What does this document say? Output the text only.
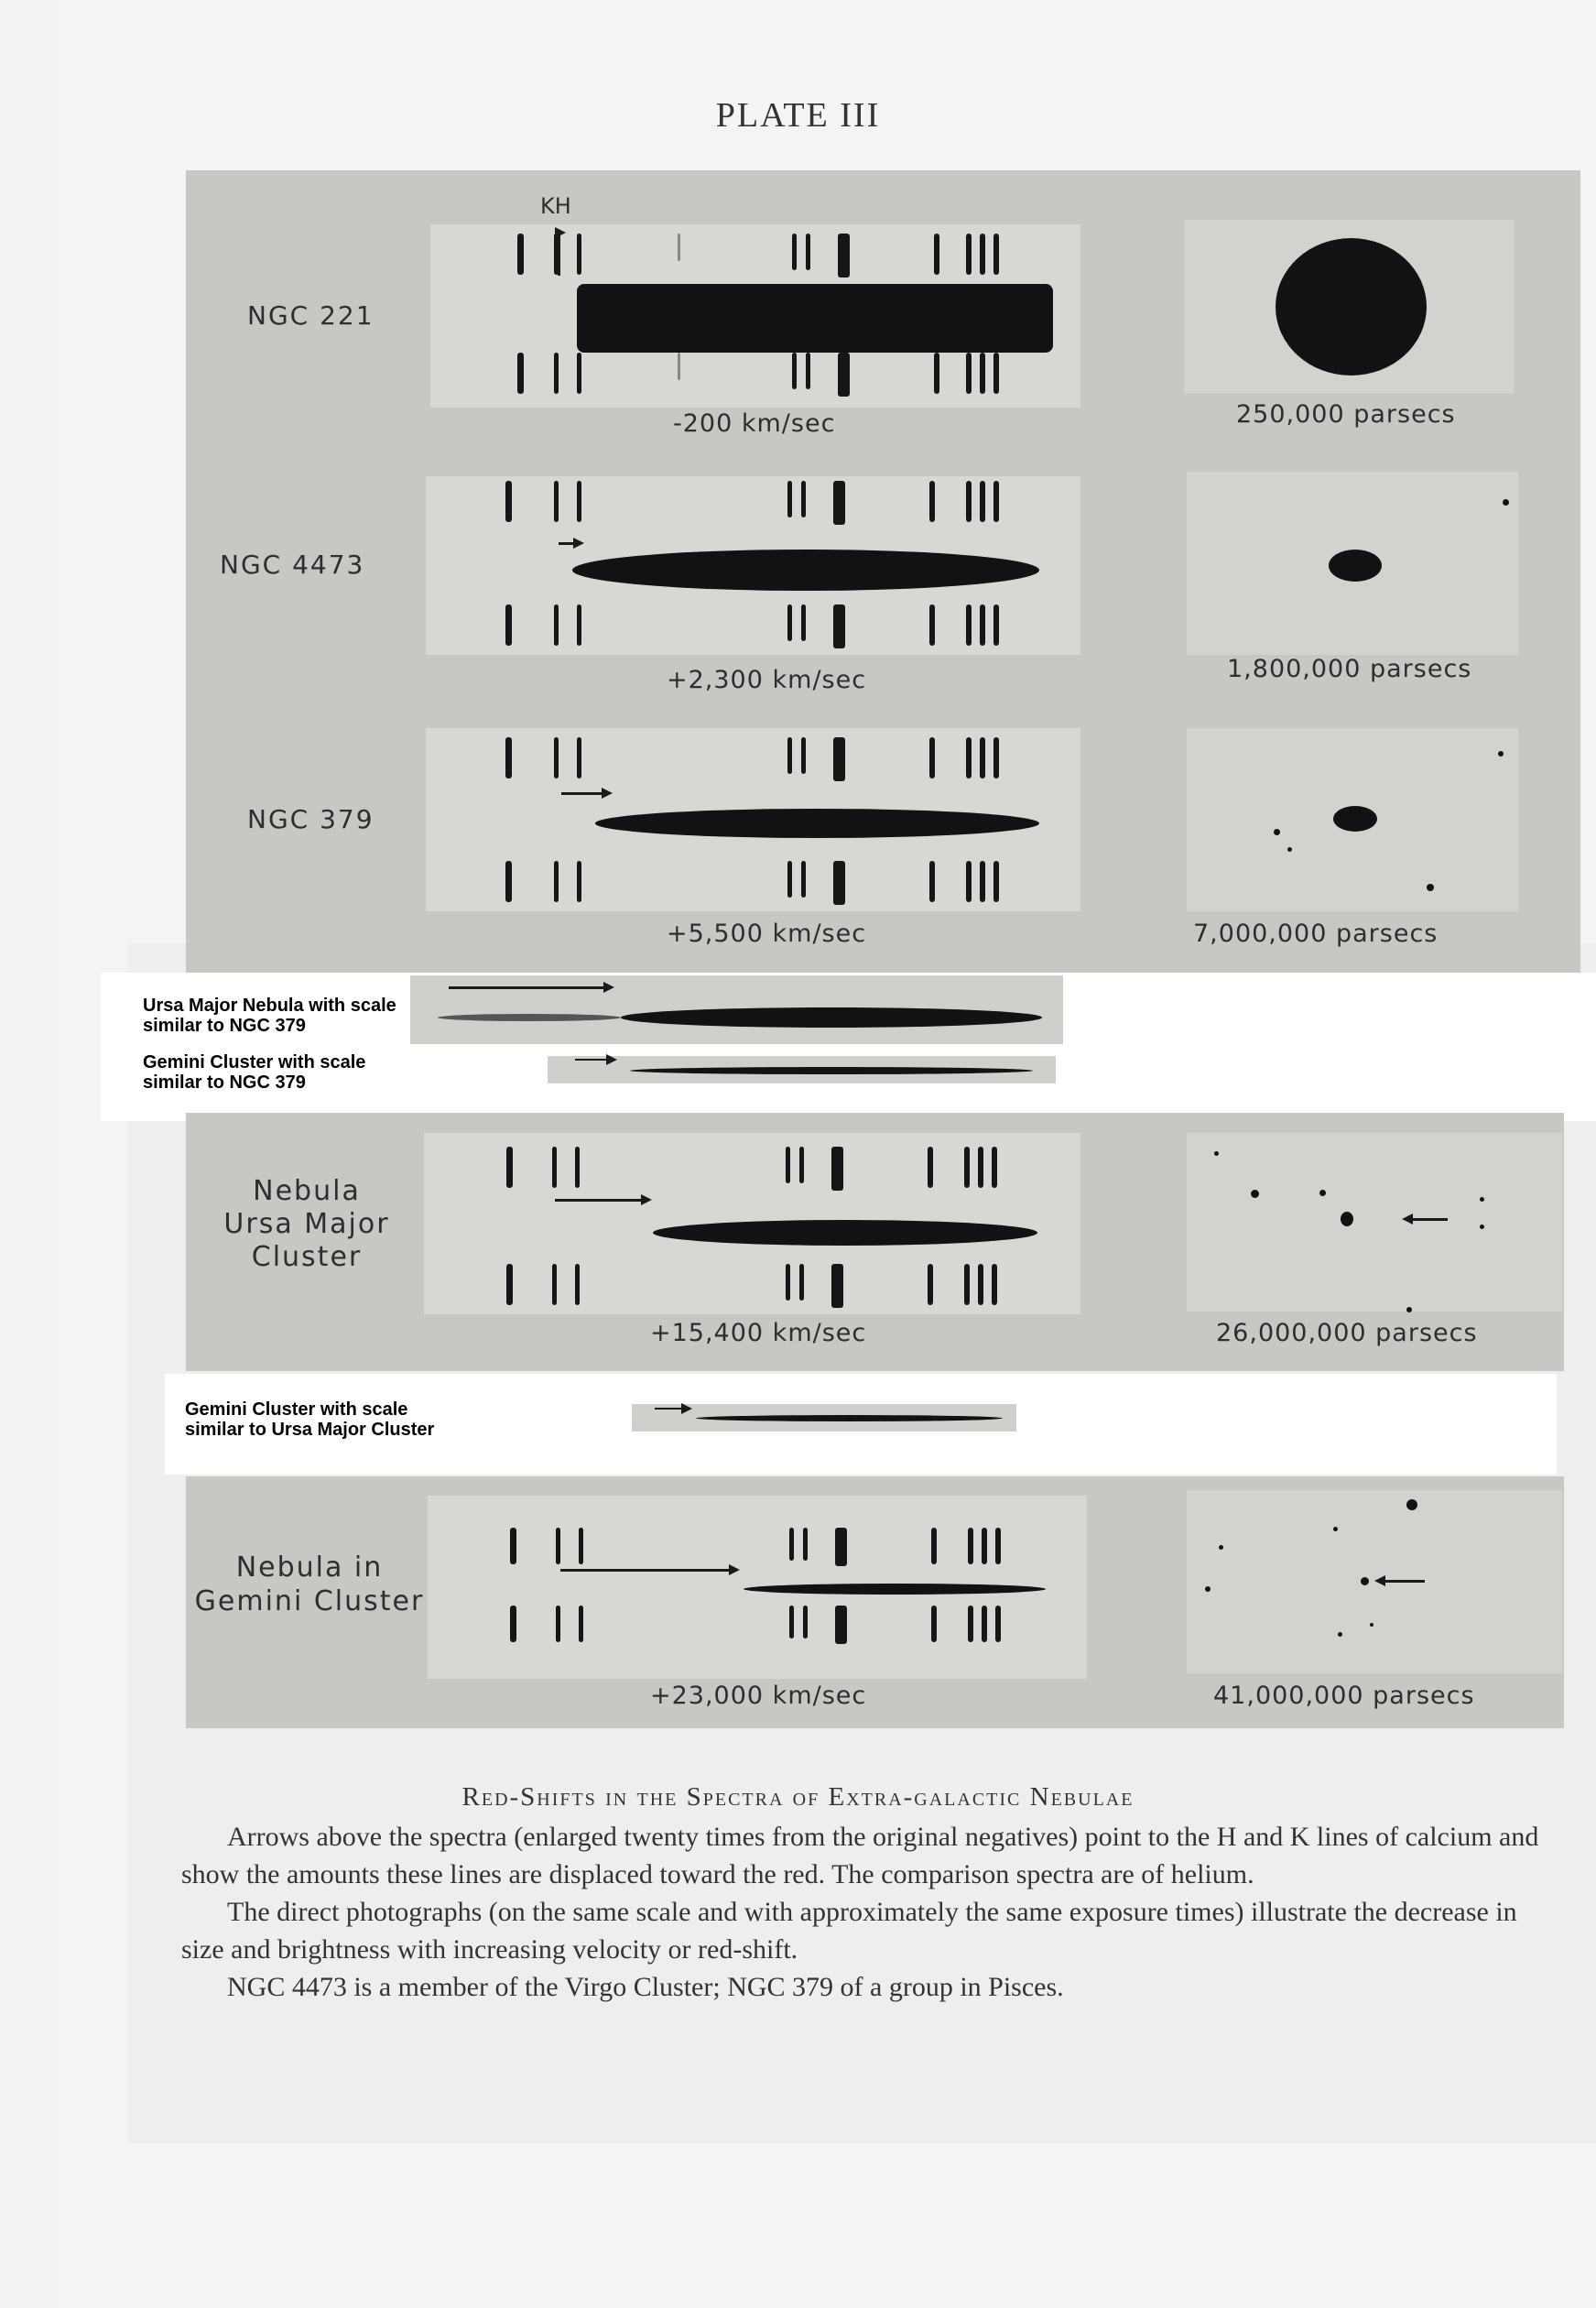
PLATE III
NGC 221
KH
-200 km/sec	250,000 parsecs
NGC 4473
+2,300 km/sec	1,800,000 parsecs
NGC 379
+5,500 km/sec	7,000,000 parsecs
Ursa Major Nebula with scale
similar to NGC 379
Gemini Cluster with scale
similar to NGC 379
Nebula
Ursa Major
Cluster
+15,400 km/sec	26,000,000 parsecs
Gemini Cluster with scale
similar to Ursa Major Cluster
Nebula in
Gemini Cluster
+23,000 km/sec	41,000,000 parsecs
Red-Shifts in the Spectra of Extra-galactic Nebulae

Arrows above the spectra (enlarged twenty times from the original negatives) point to the H and K lines of calcium and show the amounts these lines are displaced toward the red. The comparison spectra are of helium.

The direct photographs (on the same scale and with approximately the same exposure times) illustrate the decrease in size and brightness with increasing velocity or red-shift.

NGC 4473 is a member of the Virgo Cluster; NGC 379 of a group in Pisces.
